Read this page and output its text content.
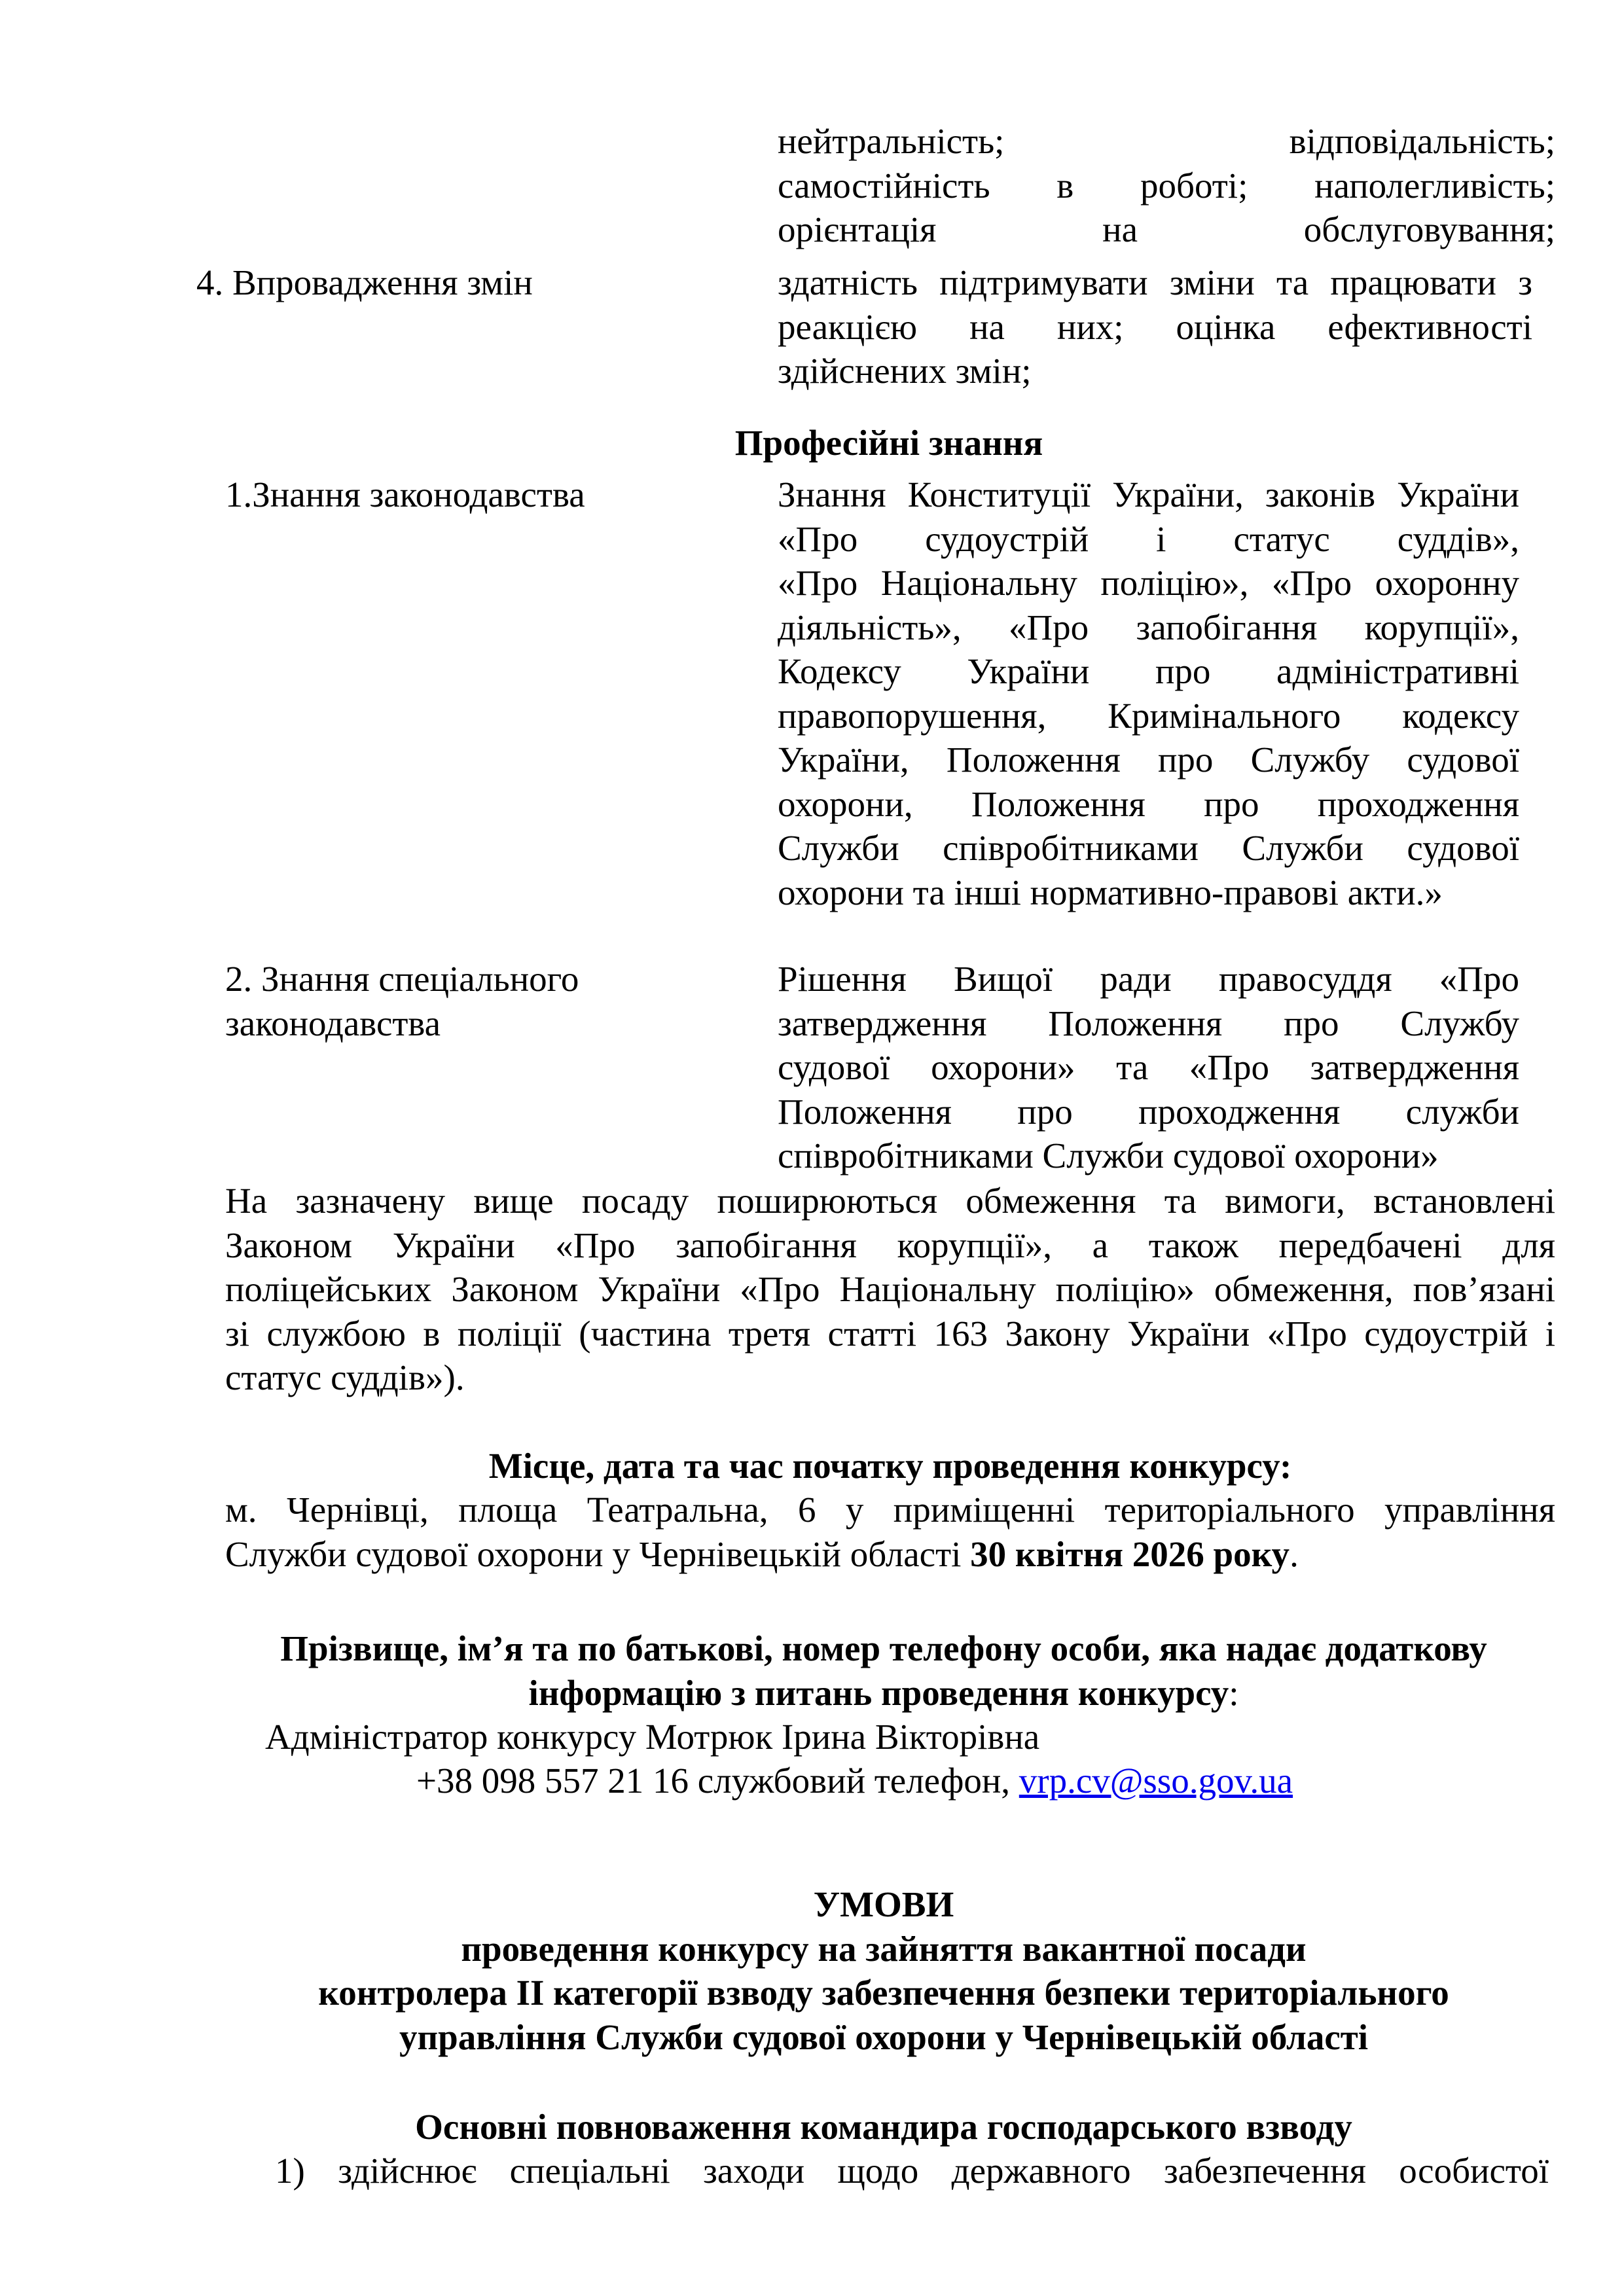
нейтральність; відповідальність;
самостійність в роботі; наполегливість;
орієнтація на обслуговування;
4. Впровадження змін	здатність підтримувати зміни та працювати з
реакцією на них; оцінка ефективності
здійснених змін;
Професійні знання
1.Знання законодавства	Знання Конституції України, законів України
«Про судоустрій і статус суддів»,
«Про Національну поліцію», «Про охоронну
діяльність», «Про запобігання корупції»,
Кодексу України про адміністративні
правопорушення, Кримінального кодексу
України, Положення про Службу судової
охорони, Положення про проходження
Служби співробітниками Служби судової
охорони та інші нормативно-правові акти.»
2. Знання спеціального
законодавства
Рішення Вищої ради правосуддя «Про
затвердження Положення про Службу
судової охорони» та «Про затвердження
Положення про проходження служби
співробітниками Служби судової охорони»
На зазначену вище посаду поширюються обмеження та вимоги, встановлені
Законом України «Про запобігання корупції», а також передбачені для
поліцейських Законом України «Про Національну поліцію» обмеження, пов’язані
зі службою в поліції (частина третя статті 163 Закону України «Про судоустрій і
статус суддів»).
Місце, дата та час початку проведення конкурсу:
м. Чернівці, площа Театральна, 6 у приміщенні територіального управління
Служби судової охорони у Чернівецькій області 30 квітня 2026 року.
Прізвище, ім’я та по батькові, номер телефону особи, яка надає додаткову
інформацію з питань проведення конкурсу:
Адміністратор конкурсу Мотрюк Ірина Вікторівна
+38 098 557 21 16 службовий телефон, vrp.cv@sso.gov.ua
УМОВИ
проведення конкурсу на зайняття вакантної посади
контролера ІІ категорії взводу забезпечення безпеки територіального
управління Служби судової охорони у Чернівецькій області
Основні повноваження командира господарського взводу
1) здійснює спеціальні заходи щодо державного забезпечення особистої
